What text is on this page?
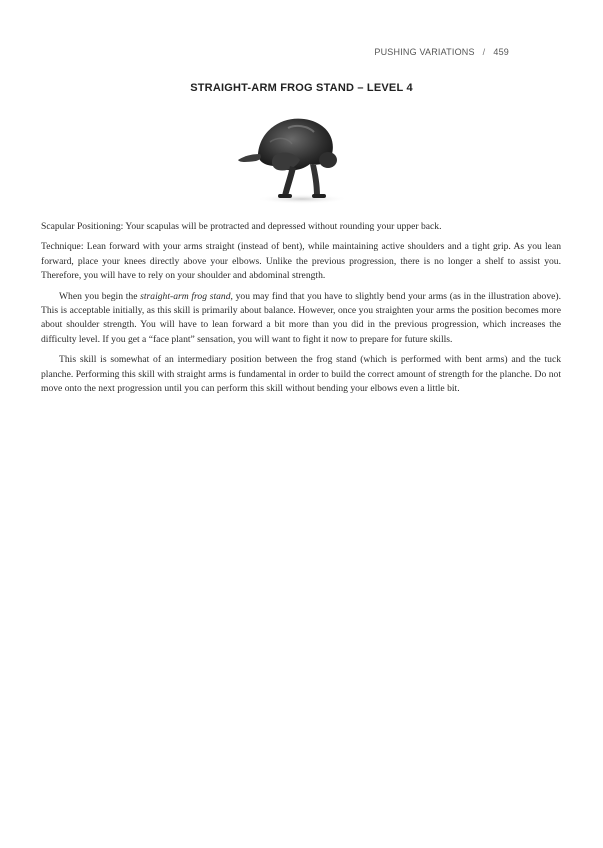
PUSHING VARIATIONS / 459
STRAIGHT-ARM FROG STAND – LEVEL 4

Scapular Positioning: Your scapulas will be protracted and depressed without rounding your upper back.

Technique: Lean forward with your arms straight (instead of bent), while maintaining active shoulders and a tight grip. As you lean forward, place your knees directly above your elbows. Unlike the previous progression, there is no longer a shelf to assist you. Therefore, you will have to rely on your shoulder and abdominal strength.

When you begin the straight-arm frog stand, you may find that you have to slightly bend your arms (as in the illustration above). This is acceptable initially, as this skill is primarily about balance. However, once you straighten your arms the position becomes more about shoulder strength. You will have to lean forward a bit more than you did in the previous progression, which increases the difficulty level. If you get a “face plant” sensation, you will want to fight it now to prepare for future skills.

This skill is somewhat of an intermediary position between the frog stand (which is performed with bent arms) and the tuck planche. Performing this skill with straight arms is fundamental in order to build the correct amount of strength for the planche. Do not move onto the next progression until you can perform this skill without bending your elbows even a little bit.
